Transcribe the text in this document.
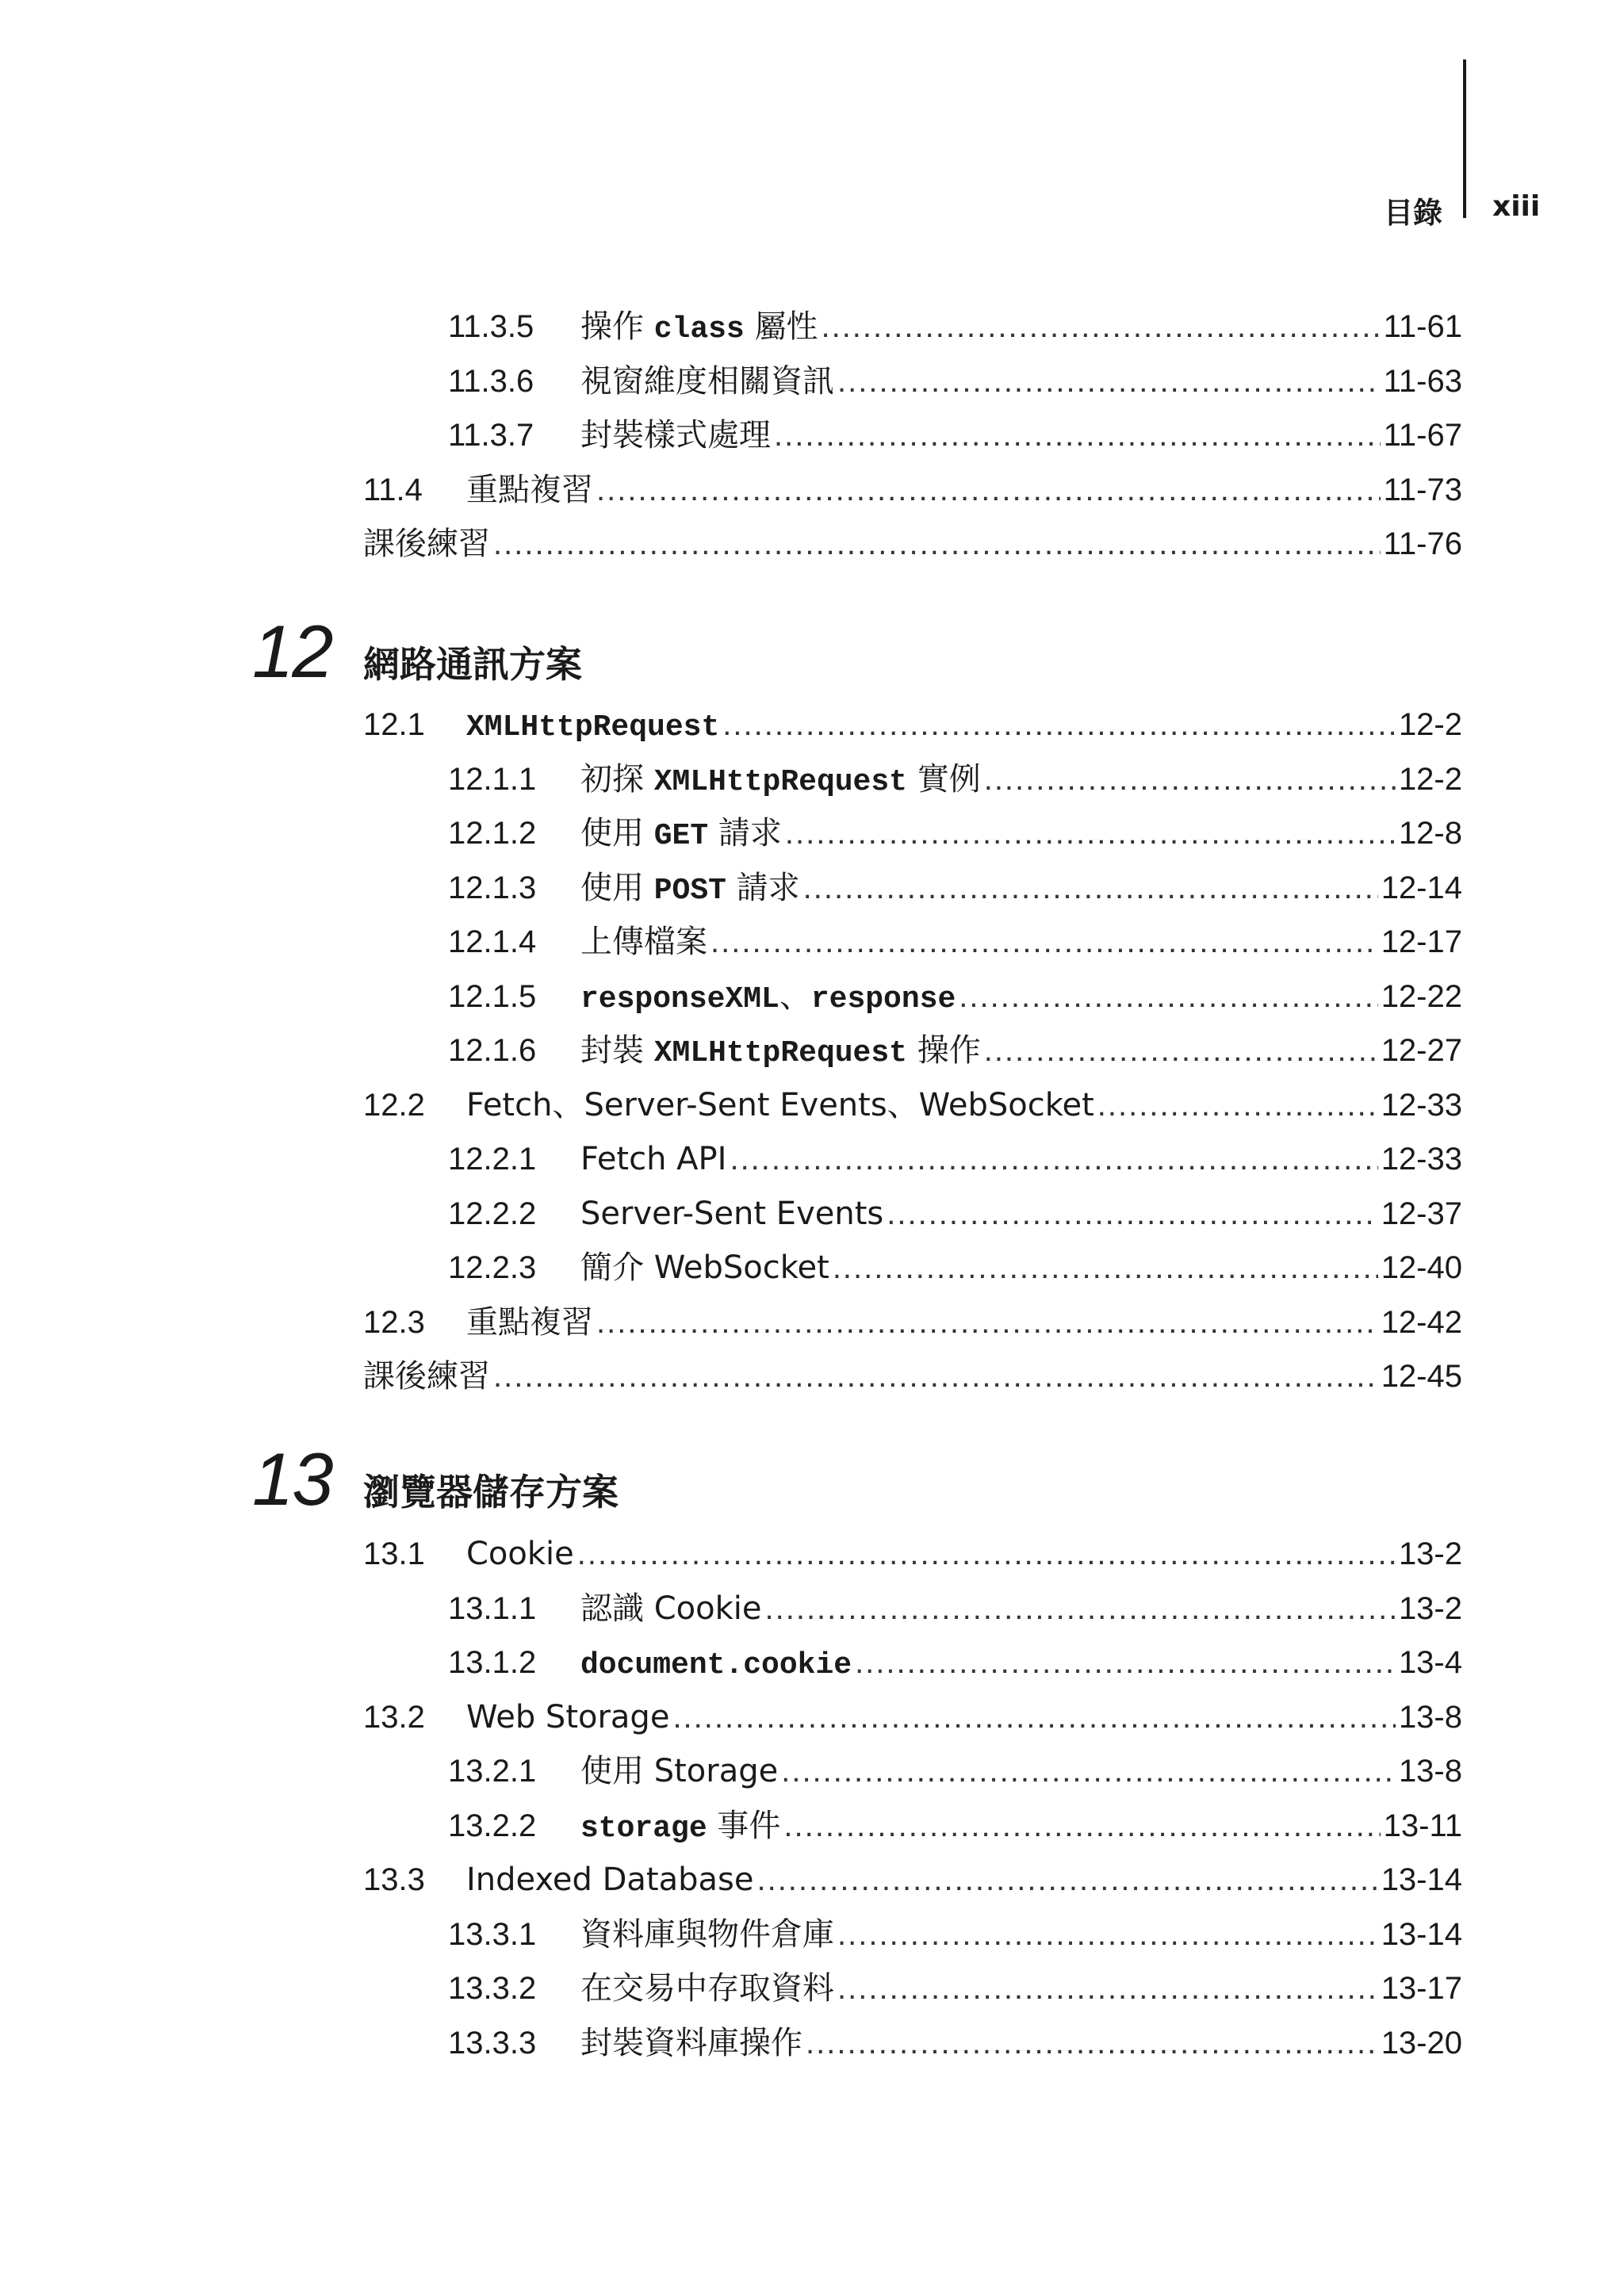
目錄 xiii
11.3.5	操作 class 屬性 .....	11-61
11.3.6	視窗維度相關資訊 .....	11-63
11.3.7	封裝樣式處理 .....	11-67
11.4	重點複習 .....	11-73
課後練習 .....	11-76
12 網路通訊方案
12.1	XMLHttpRequest .....	12-2
12.1.1	初探 XMLHttpRequest 實例 .....	12-2
12.1.2	使用 GET 請求 .....	12-8
12.1.3	使用 POST 請求 .....	12-14
12.1.4	上傳檔案 .....	12-17
12.1.5	responseXML、response .....	12-22
12.1.6	封裝 XMLHttpRequest 操作 .....	12-27
12.2	Fetch、Server-Sent Events、WebSocket .....	12-33
12.2.1	Fetch API .....	12-33
12.2.2	Server-Sent Events .....	12-37
12.2.3	簡介 WebSocket .....	12-40
12.3	重點複習 .....	12-42
課後練習 .....	12-45
13 瀏覽器儲存方案
13.1	Cookie .....	13-2
13.1.1	認識 Cookie .....	13-2
13.1.2	document.cookie .....	13-4
13.2	Web Storage .....	13-8
13.2.1	使用 Storage .....	13-8
13.2.2	storage 事件 .....	13-11
13.3	Indexed Database .....	13-14
13.3.1	資料庫與物件倉庫 .....	13-14
13.3.2	在交易中存取資料 .....	13-17
13.3.3	封裝資料庫操作 .....	13-20
